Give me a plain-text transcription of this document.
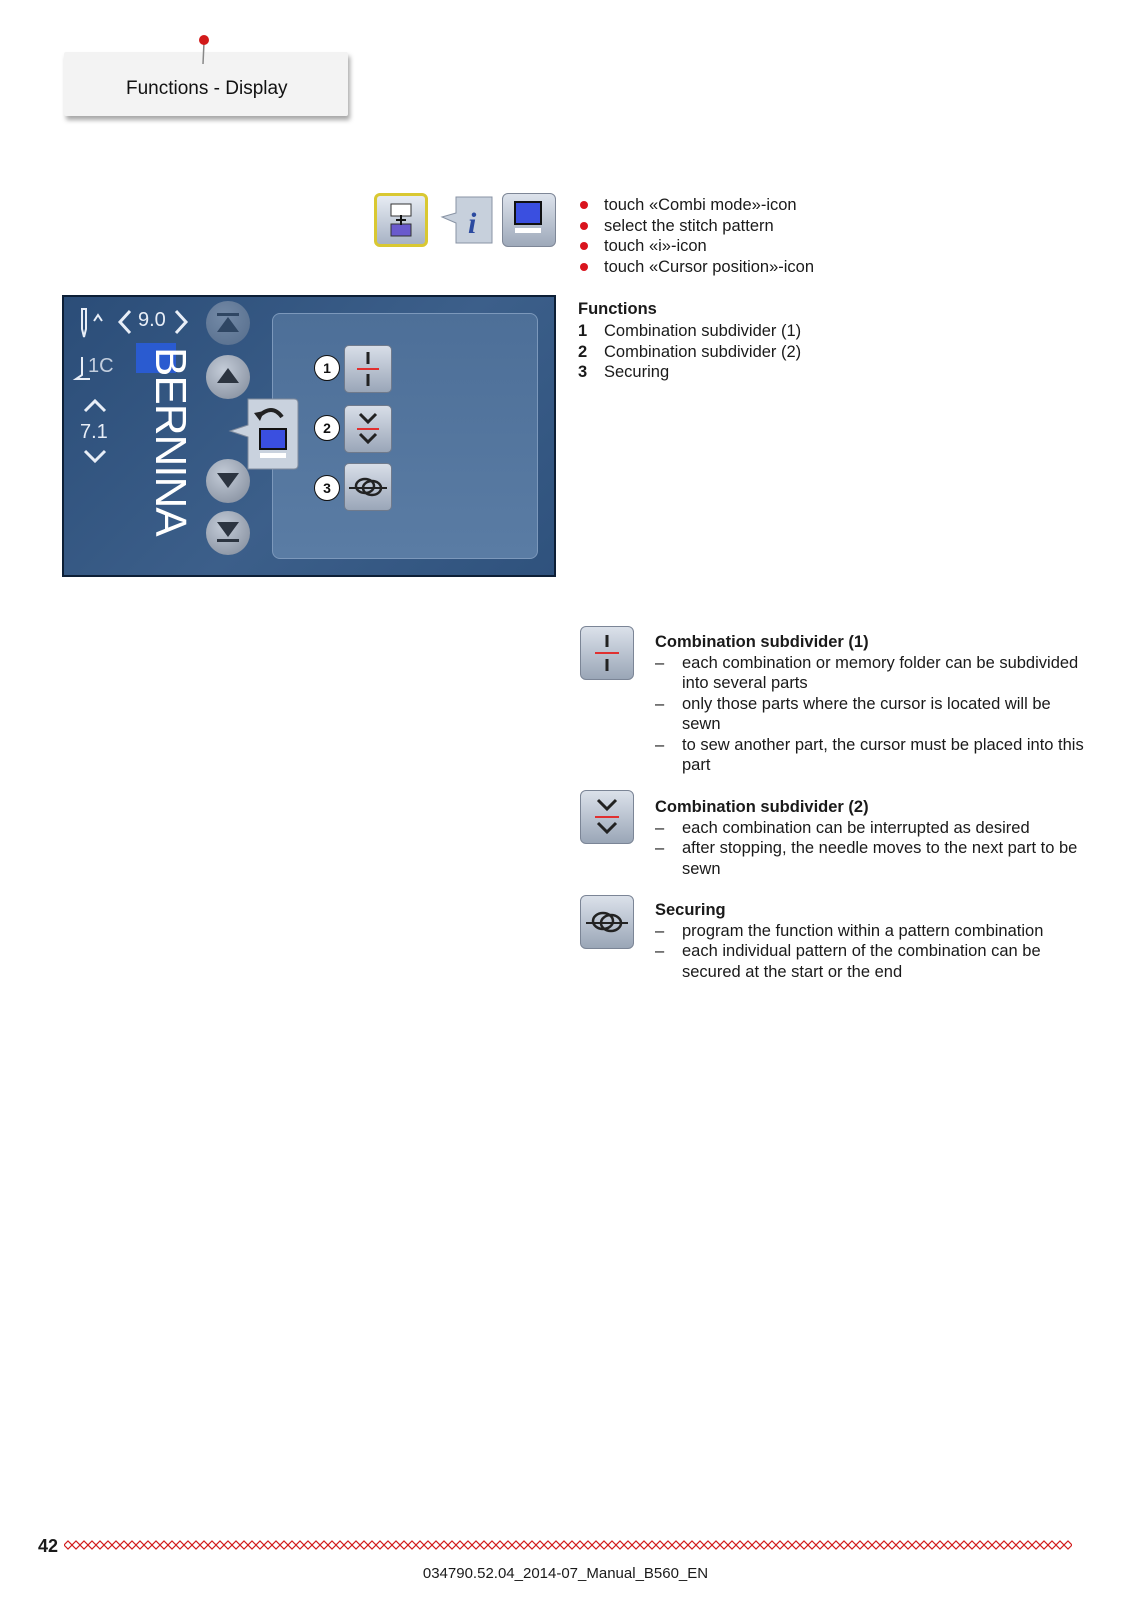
Functions - Display
i
touch «Combi mode»-icon
select the stitch pattern
touch «i»-icon
touch «Cursor position»-icon
Functions
1 Combination subdivider (1)
2 Combination subdivider (2)
3 Securing
9.0
1C
7.1 BERNINA	1
2
3
Combination subdivider (1)
– each combination or memory folder can be subdivided into several parts
– only those parts where the cursor is located will be sewn
– to sew another part, the cursor must be placed into this part
Combination subdivider (2)
– each combination can be interrupted as desired
– after stopping, the needle moves to the next part to be sewn
Securing
– program the function within a pattern combination
– each individual pattern of the combination can be secured at the start or the end
42
034790.52.04_2014-07_Manual_B560_EN
